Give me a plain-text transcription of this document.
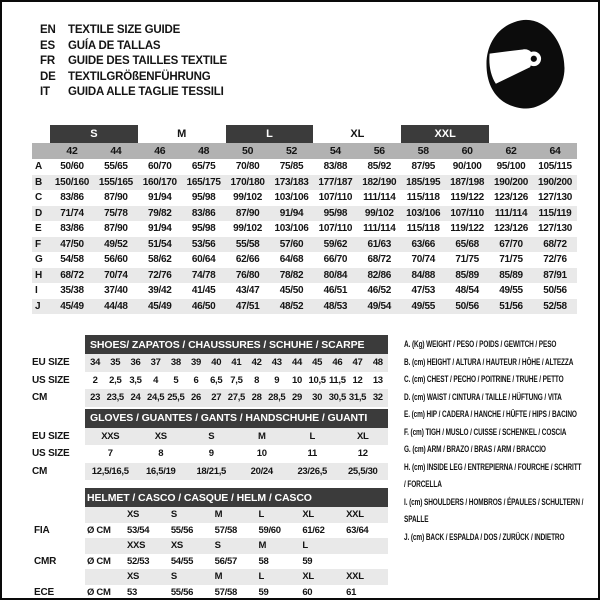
EN	TEXTILE SIZE GUIDE
ES	GUÍA DE TALLAS
FR	GUIDE DES TAILLES TEXTILE
DE	TEXTILGRÖßENFÜHRUNG
IT	GUIDA ALLE TAGLIE TESSILI
	S		M		L		XL		XXL			
	42	44	46	48	50	52	54	56	58	60	62	64
A	50/60	55/65	60/70	65/75	70/80	75/85	83/88	85/92	87/95	90/100	95/100	105/115
B	150/160	155/165	160/170	165/175	170/180	173/183	177/187	182/190	185/195	187/198	190/200	190/200
C	83/86	87/90	91/94	95/98	99/102	103/106	107/110	111/114	115/118	119/122	123/126	127/130
D	71/74	75/78	79/82	83/86	87/90	91/94	95/98	99/102	103/106	107/110	111/114	115/119
E	83/86	87/90	91/94	95/98	99/102	103/106	107/110	111/114	115/118	119/122	123/126	127/130
F	47/50	49/52	51/54	53/56	55/58	57/60	59/62	61/63	63/66	65/68	67/70	68/72
G	54/58	56/60	58/62	60/64	62/66	64/68	66/70	68/72	70/74	71/75	71/75	72/76
H	68/72	70/74	72/76	74/78	76/80	78/82	80/84	82/86	84/88	85/89	85/89	87/91
I	35/38	37/40	39/42	41/45	43/47	45/50	46/51	46/52	47/53	48/54	49/55	50/56
J	45/49	44/48	45/49	46/50	47/51	48/52	48/53	49/54	49/55	50/56	51/56	52/58
	SHOES/ ZAPATOS / CHAUSSURES / SCHUHE / SCARPE														
EU SIZE	34	35	36	37	38	39	40	41	42	43	44	45	46	47	48
US SIZE	2	2,5	3,5	4	5	6	6,5	7,5	8	9	10	10,5	11,5	12	13
CM	23	23,5	24	24,5	25,5	26	27	27,5	28	28,5	29	30	30,5	31,5	32
	GLOVES / GUANTES / GANTS / HANDSCHUHE / GUANTI					
EU SIZE	XXS	XS	S	M	L	XL
US SIZE	7	8	9	10	11	12
CM	12,5/16,5	16,5/19	18/21,5	20/24	23/26,5	25,5/30
	HELMET / CASCO / CASQUE / HELM / CASCO						
		XS	S	M	L	XL	XXL
FIA	Ø CM	53/54	55/56	57/58	59/60	61/62	63/64
		XXS	XS	S	M	L	
CMR	Ø CM	52/53	54/55	56/57	58	59	
		XS	S	M	L	XL	XXL
ECE	Ø CM	53	55/56	57/58	59	60	61
A. (Kg) WEIGHT / PESO / POIDS / GEWITCH / PESO
B. (cm) HEIGHT / ALTURA / HAUTEUR / HÖHE / ALTEZZA
C. (cm) CHEST / PECHO / POITRINE / TRUHE / PETTO
D. (cm) WAIST / CINTURA / TAILLE / HÜFTUNG / VITA
E. (cm) HIP / CADERA / HANCHE / HÜFTE / HIPS / BACINO
F. (cm) TIGH / MUSLO / CUISSE / SCHENKEL / COSCIA
G. (cm) ARM / BRAZO / BRAS / ARM / BRACCIO
H. (cm) INSIDE LEG / ENTREPIERNA / FOURCHE / SCHRITT / FORCELLA
I. (cm) SHOULDERS / HOMBROS / ÉPAULES / SCHULTERN / SPALLE
J. (cm) BACK / ESPALDA / DOS / ZURÜCK / INDIETRO
